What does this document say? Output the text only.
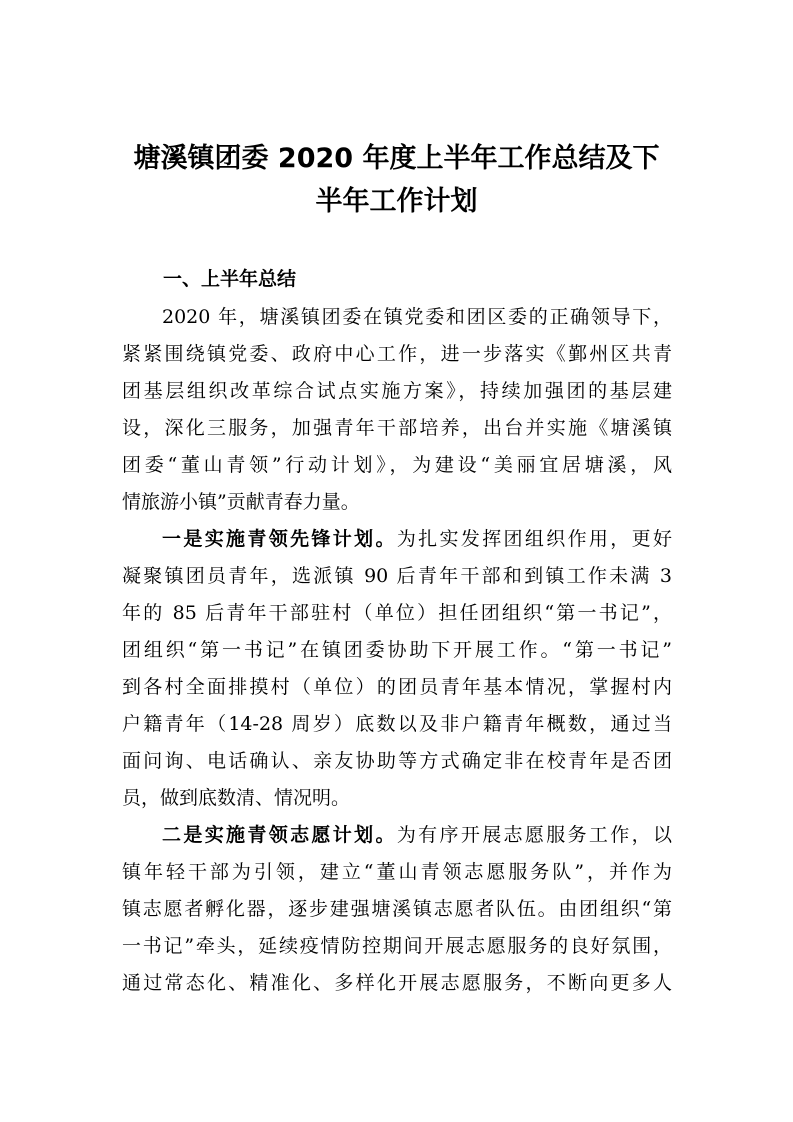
塘溪镇团委 2020 年度上半年工作总结及下
半年工作计划
一、上半年总结
2020 年，塘溪镇团委在镇党委和团区委的正确领导下，
紧紧围绕镇党委、政府中心工作，进一步落实《鄞州区共青
团基层组织改革综合试点实施方案》，持续加强团的基层建
设，深化三服务，加强青年干部培养，出台并实施《塘溪镇
团委“董山青领”行动计划》，为建设“美丽宜居塘溪，风
情旅游小镇”贡献青春力量。
一是实施青领先锋计划。为扎实发挥团组织作用，更好
凝聚镇团员青年，选派镇 90 后青年干部和到镇工作未满 3
年的 85 后青年干部驻村（单位）担任团组织“第一书记”，
团组织“第一书记”在镇团委协助下开展工作。“第一书记”
到各村全面排摸村（单位）的团员青年基本情况，掌握村内
户籍青年（14-28 周岁）底数以及非户籍青年概数，通过当
面问询、电话确认、亲友协助等方式确定非在校青年是否团
员，做到底数清、情况明。
二是实施青领志愿计划。为有序开展志愿服务工作，以
镇年轻干部为引领，建立“董山青领志愿服务队”，并作为
镇志愿者孵化器，逐步建强塘溪镇志愿者队伍。由团组织“第
一书记”牵头，延续疫情防控期间开展志愿服务的良好氛围，
通过常态化、精准化、多样化开展志愿服务，不断向更多人
